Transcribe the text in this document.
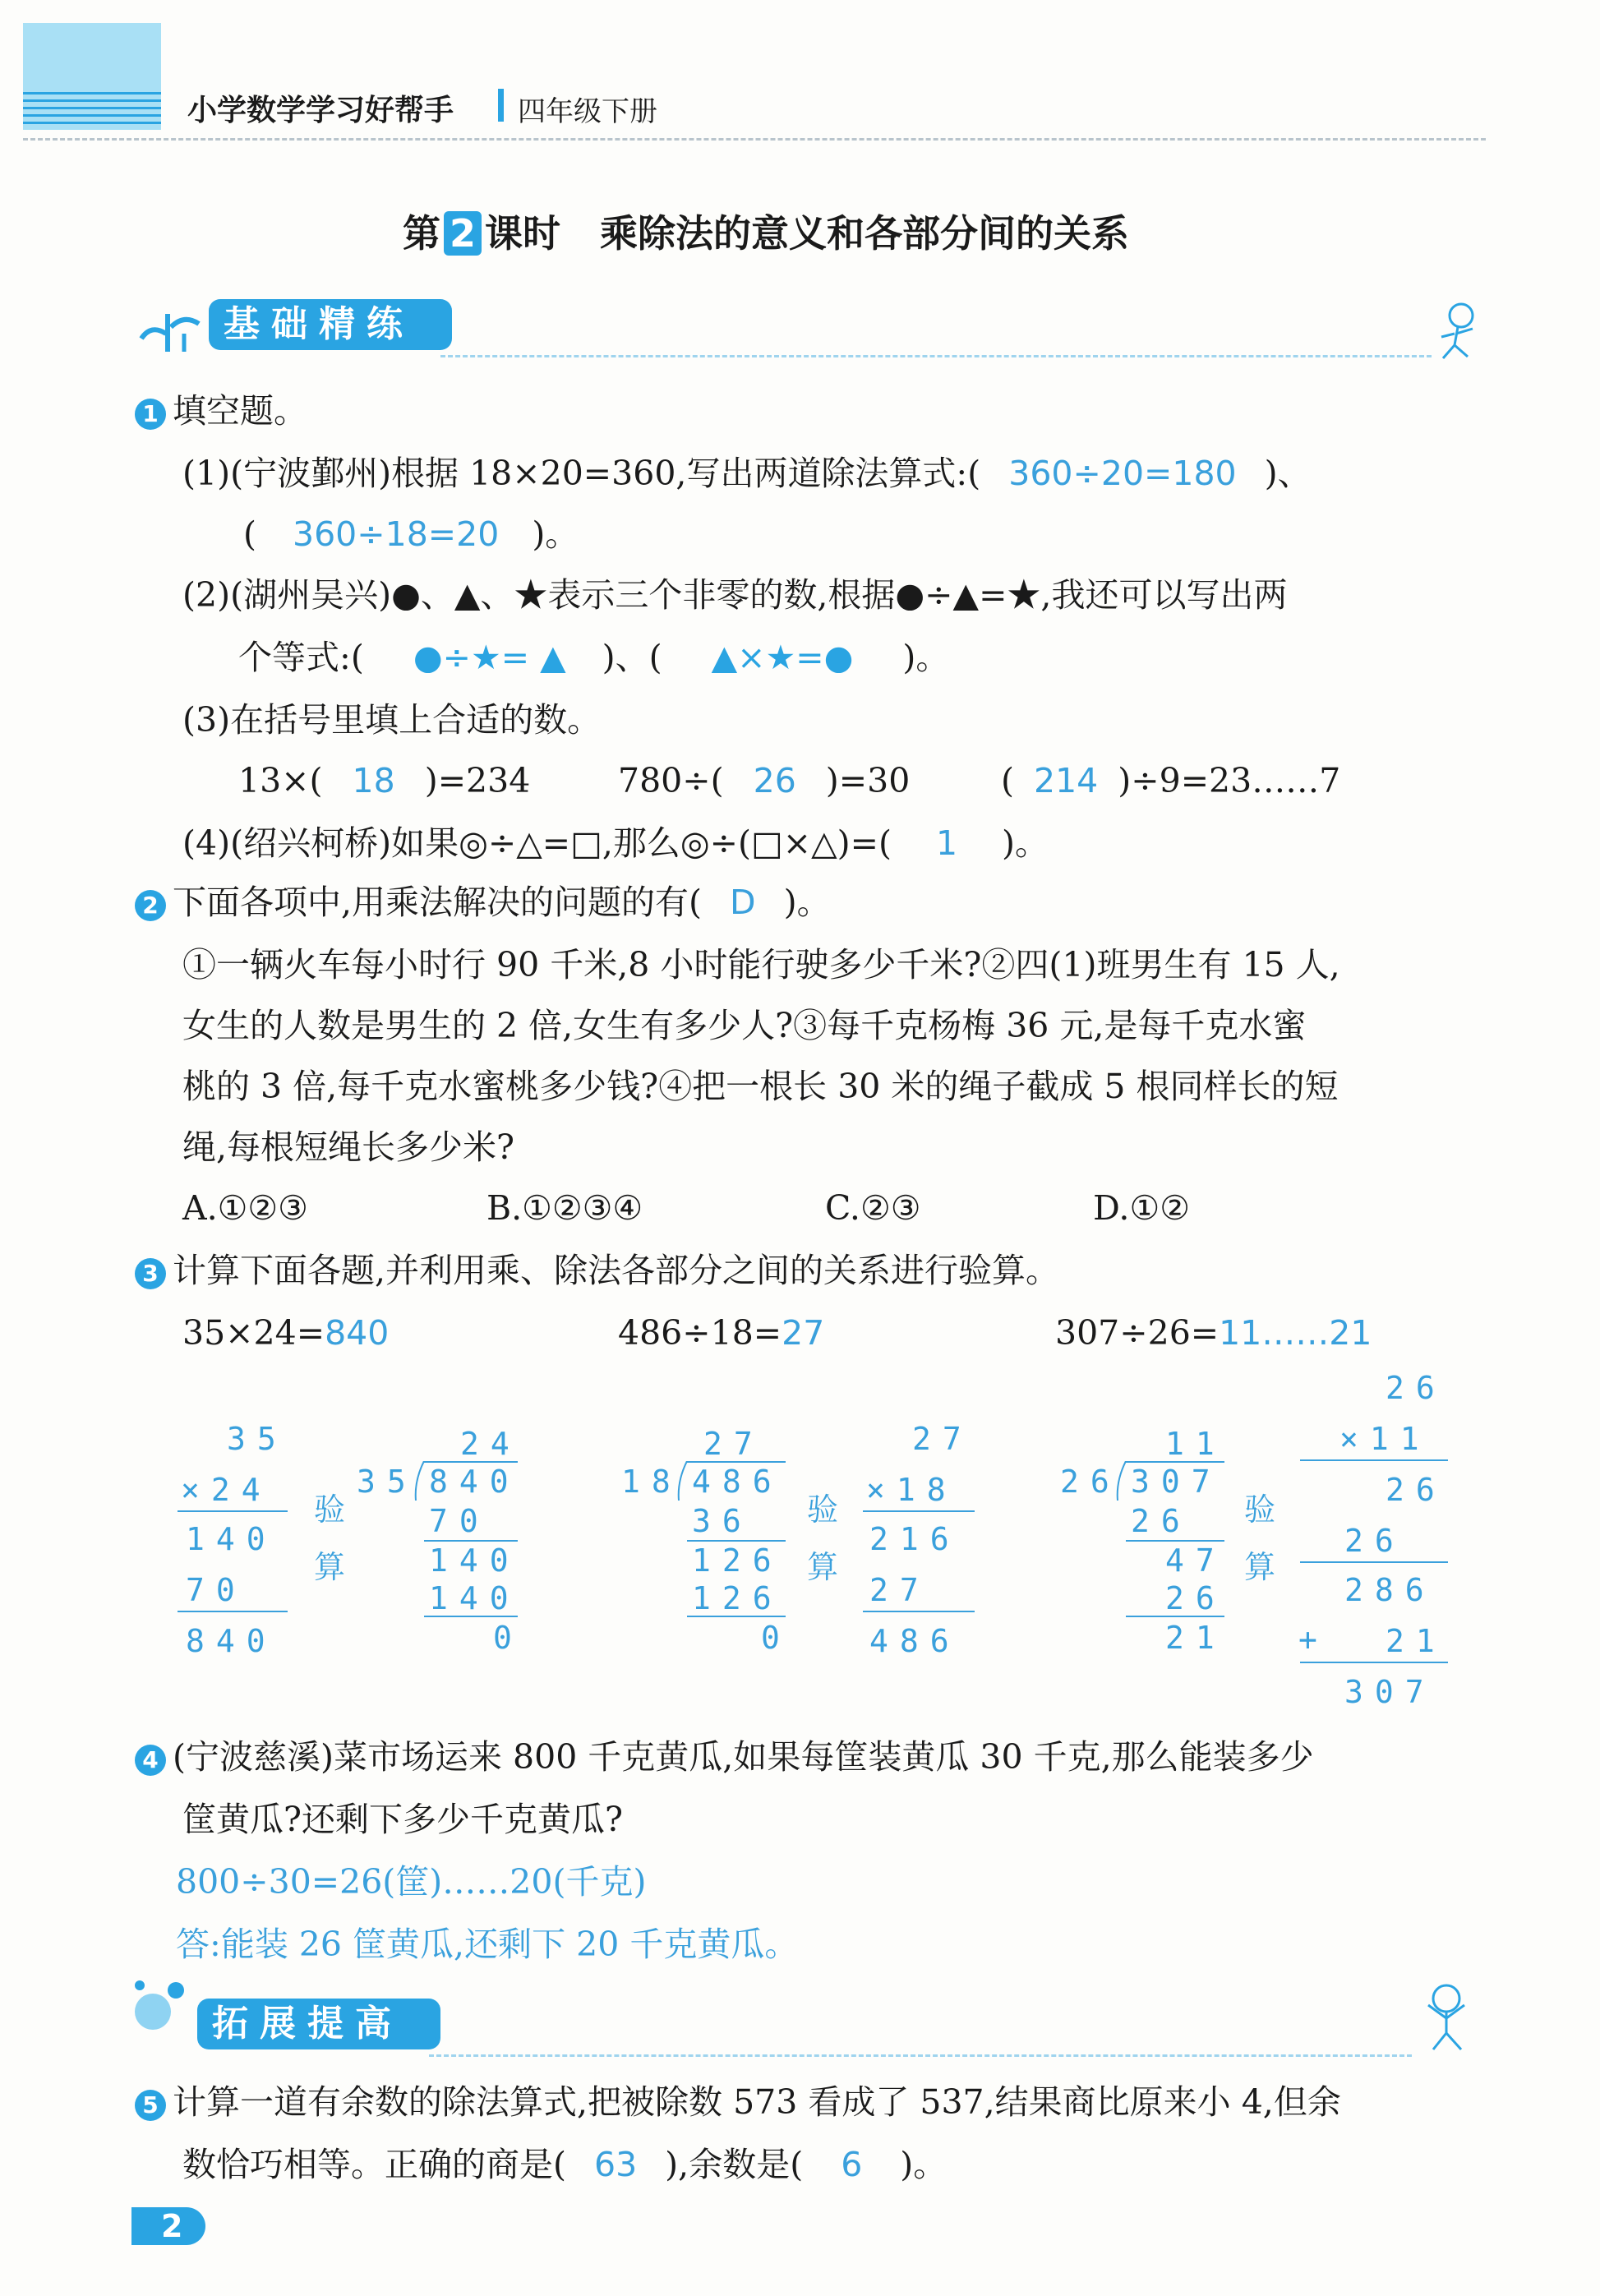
小学数学学习好帮手 四年级下册
第 2 课时 乘除法的意义和各部分间的关系
基础精练
1 填空题。
(1)(宁波鄞州)根据 18×20=360,写出两道除法算式:( 360÷20=180 )、
( 360÷18=20 )。
(2)(湖州吴兴)●、▲、★表示三个非零的数,根据●÷▲=★,我还可以写出两
个等式:( ●÷★= ▲ )、( ▲×★=● )。
(3)在括号里填上合适的数。
13×( 18 )=234	780÷( 26 )=30	( 214 )÷9=23……7
(4)(绍兴柯桥)如果◎÷△=□,那么◎÷(□×△)=( 1 )。
2 下面各项中,用乘法解决的问题的有( D )。
①一辆火车每小时行 90 千米,8 小时能行驶多少千米?②四(1)班男生有 15 人,
女生的人数是男生的 2 倍,女生有多少人?③每千克杨梅 36 元,是每千克水蜜
桃的 3 倍,每千克水蜜桃多少钱?④把一根长 30 米的绳子截成 5 根同样长的短
绳,每根短绳长多少米?
A.①②③	B.①②③④	C.②③	D.①②
3 计算下面各题,并利用乘、除法各部分之间的关系进行验算。
35×24=840	486÷18=27	307÷26=11……21
35
×24
140
70
840
验
算
24
35 840
70
140
140
0
27
18 486
36
126
126
0
验
算
27
×18
216
27
486
11
26 307
26
47
26
21
验
算
26
×11
26
26
286
+ 21
307
4 (宁波慈溪)菜市场运来 800 千克黄瓜,如果每筐装黄瓜 30 千克,那么能装多少
筐黄瓜?还剩下多少千克黄瓜?
800÷30=26(筐)……20(千克)
答:能装 26 筐黄瓜,还剩下 20 千克黄瓜。
拓展提高
5 计算一道有余数的除法算式,把被除数 573 看成了 537,结果商比原来小 4,但余
数恰巧相等。正确的商是( 63 ),余数是( 6 )。
2
